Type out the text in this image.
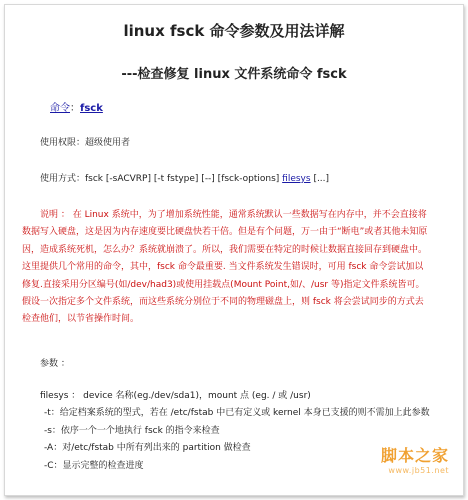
linux fsck 命令参数及用法详解
---检查修复 linux 文件系统命令 fsck
命令：fsck
使用权限：超级使用者
使用方式：fsck [-sACVRP] [-t fstype] [--] [fsck-options] filesys [...]
说明 ： 在 Linux 系统中，为了增加系统性能，通常系统默认一些数据写在内存中，并不会直接将数据写入硬盘，这是因为内存速度要比硬盘快若干倍。但是有个问题，万一由于“断电”或者其他未知原因，造成系统死机，怎么办？系统就崩溃了。所以，我们需要在特定的时候让数据直接回存到硬盘中。这里提供几个常用的命令，其中，fsck 命令最重要. 当文件系统发生错误时，可用 fsck 命令尝试加以修复.直接采用分区编号(如/dev/had3)或使用挂载点(Mount Point,如/、/usr 等)指定文件系统皆可。假设一次指定多个文件系统，而这些系统分别位于不同的物理磁盘上，则 fsck 将会尝试同步的方式去检查他们，以节省操作时间。
参数 ：
filesys ： device 名称(eg./dev/sda1)，mount 点 (eg. / 或 /usr)
-t：给定档案系统的型式，若在 /etc/fstab 中已有定义或 kernel 本身已支援的则不需加上此参数
-s：依序一个一个地执行 fsck 的指令来检查
-A：对/etc/fstab 中所有列出来的 partition 做检查
-C：显示完整的检查进度
脚本之家
www.jb51.net
